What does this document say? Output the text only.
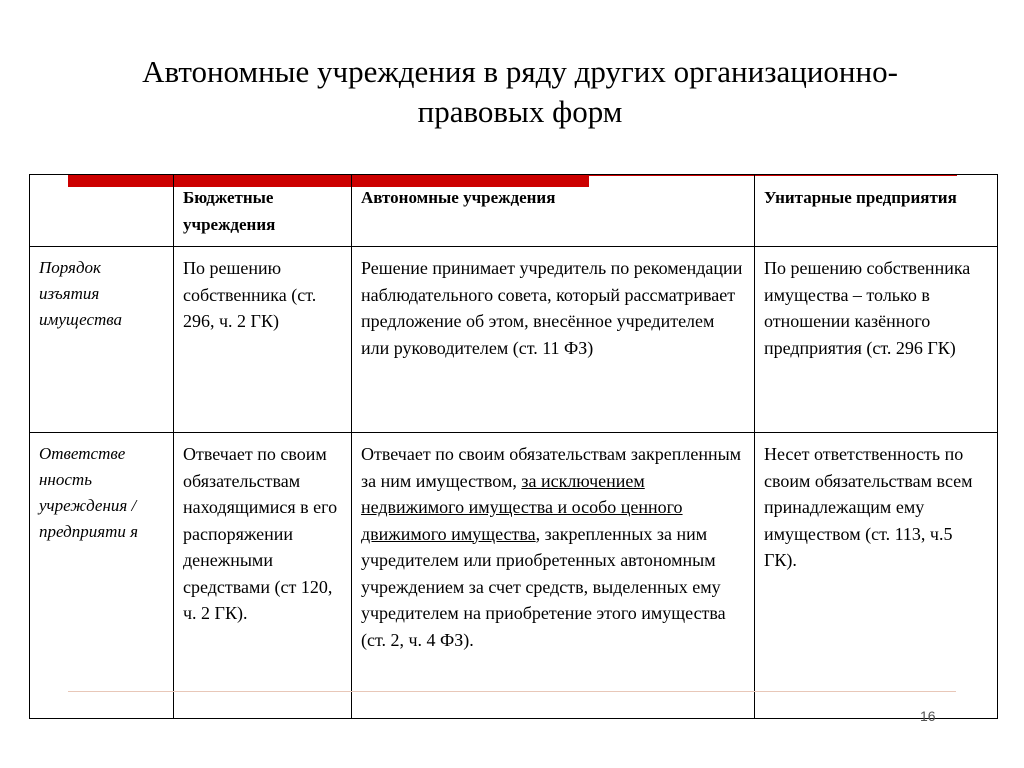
Автономные учреждения в ряду других организационно-
правовых форм
	Бюджетные учреждения	Автономные учреждения	Унитарные предприятия
Порядок изъятия имущества	По решению собственника (ст. 296, ч. 2 ГК)	Решение принимает учредитель по рекомендации наблюдательного совета, который рассматривает предложение об этом, внесённое учредителем или руководителем (ст. 11 ФЗ)	По решению собственника имущества – только в отношении казённого предприятия (ст. 296 ГК)
Ответстве нность учреждения / предприяти я	Отвечает по своим обязательствам находящимися в его распоряжении денежными средствами (ст 120, ч. 2 ГК).	Отвечает по своим обязательствам закрепленным за ним имуществом, за исключением недвижимого имущества и особо ценного движимого имущества, закрепленных за ним учредителем или приобретенных автономным учреждением за счет средств, выделенных ему учредителем на приобретение этого имущества (ст. 2, ч. 4 ФЗ).	Несет ответственность по своим обязательствам всем принадлежащим ему имуществом (ст. 113, ч.5 ГК).
16
